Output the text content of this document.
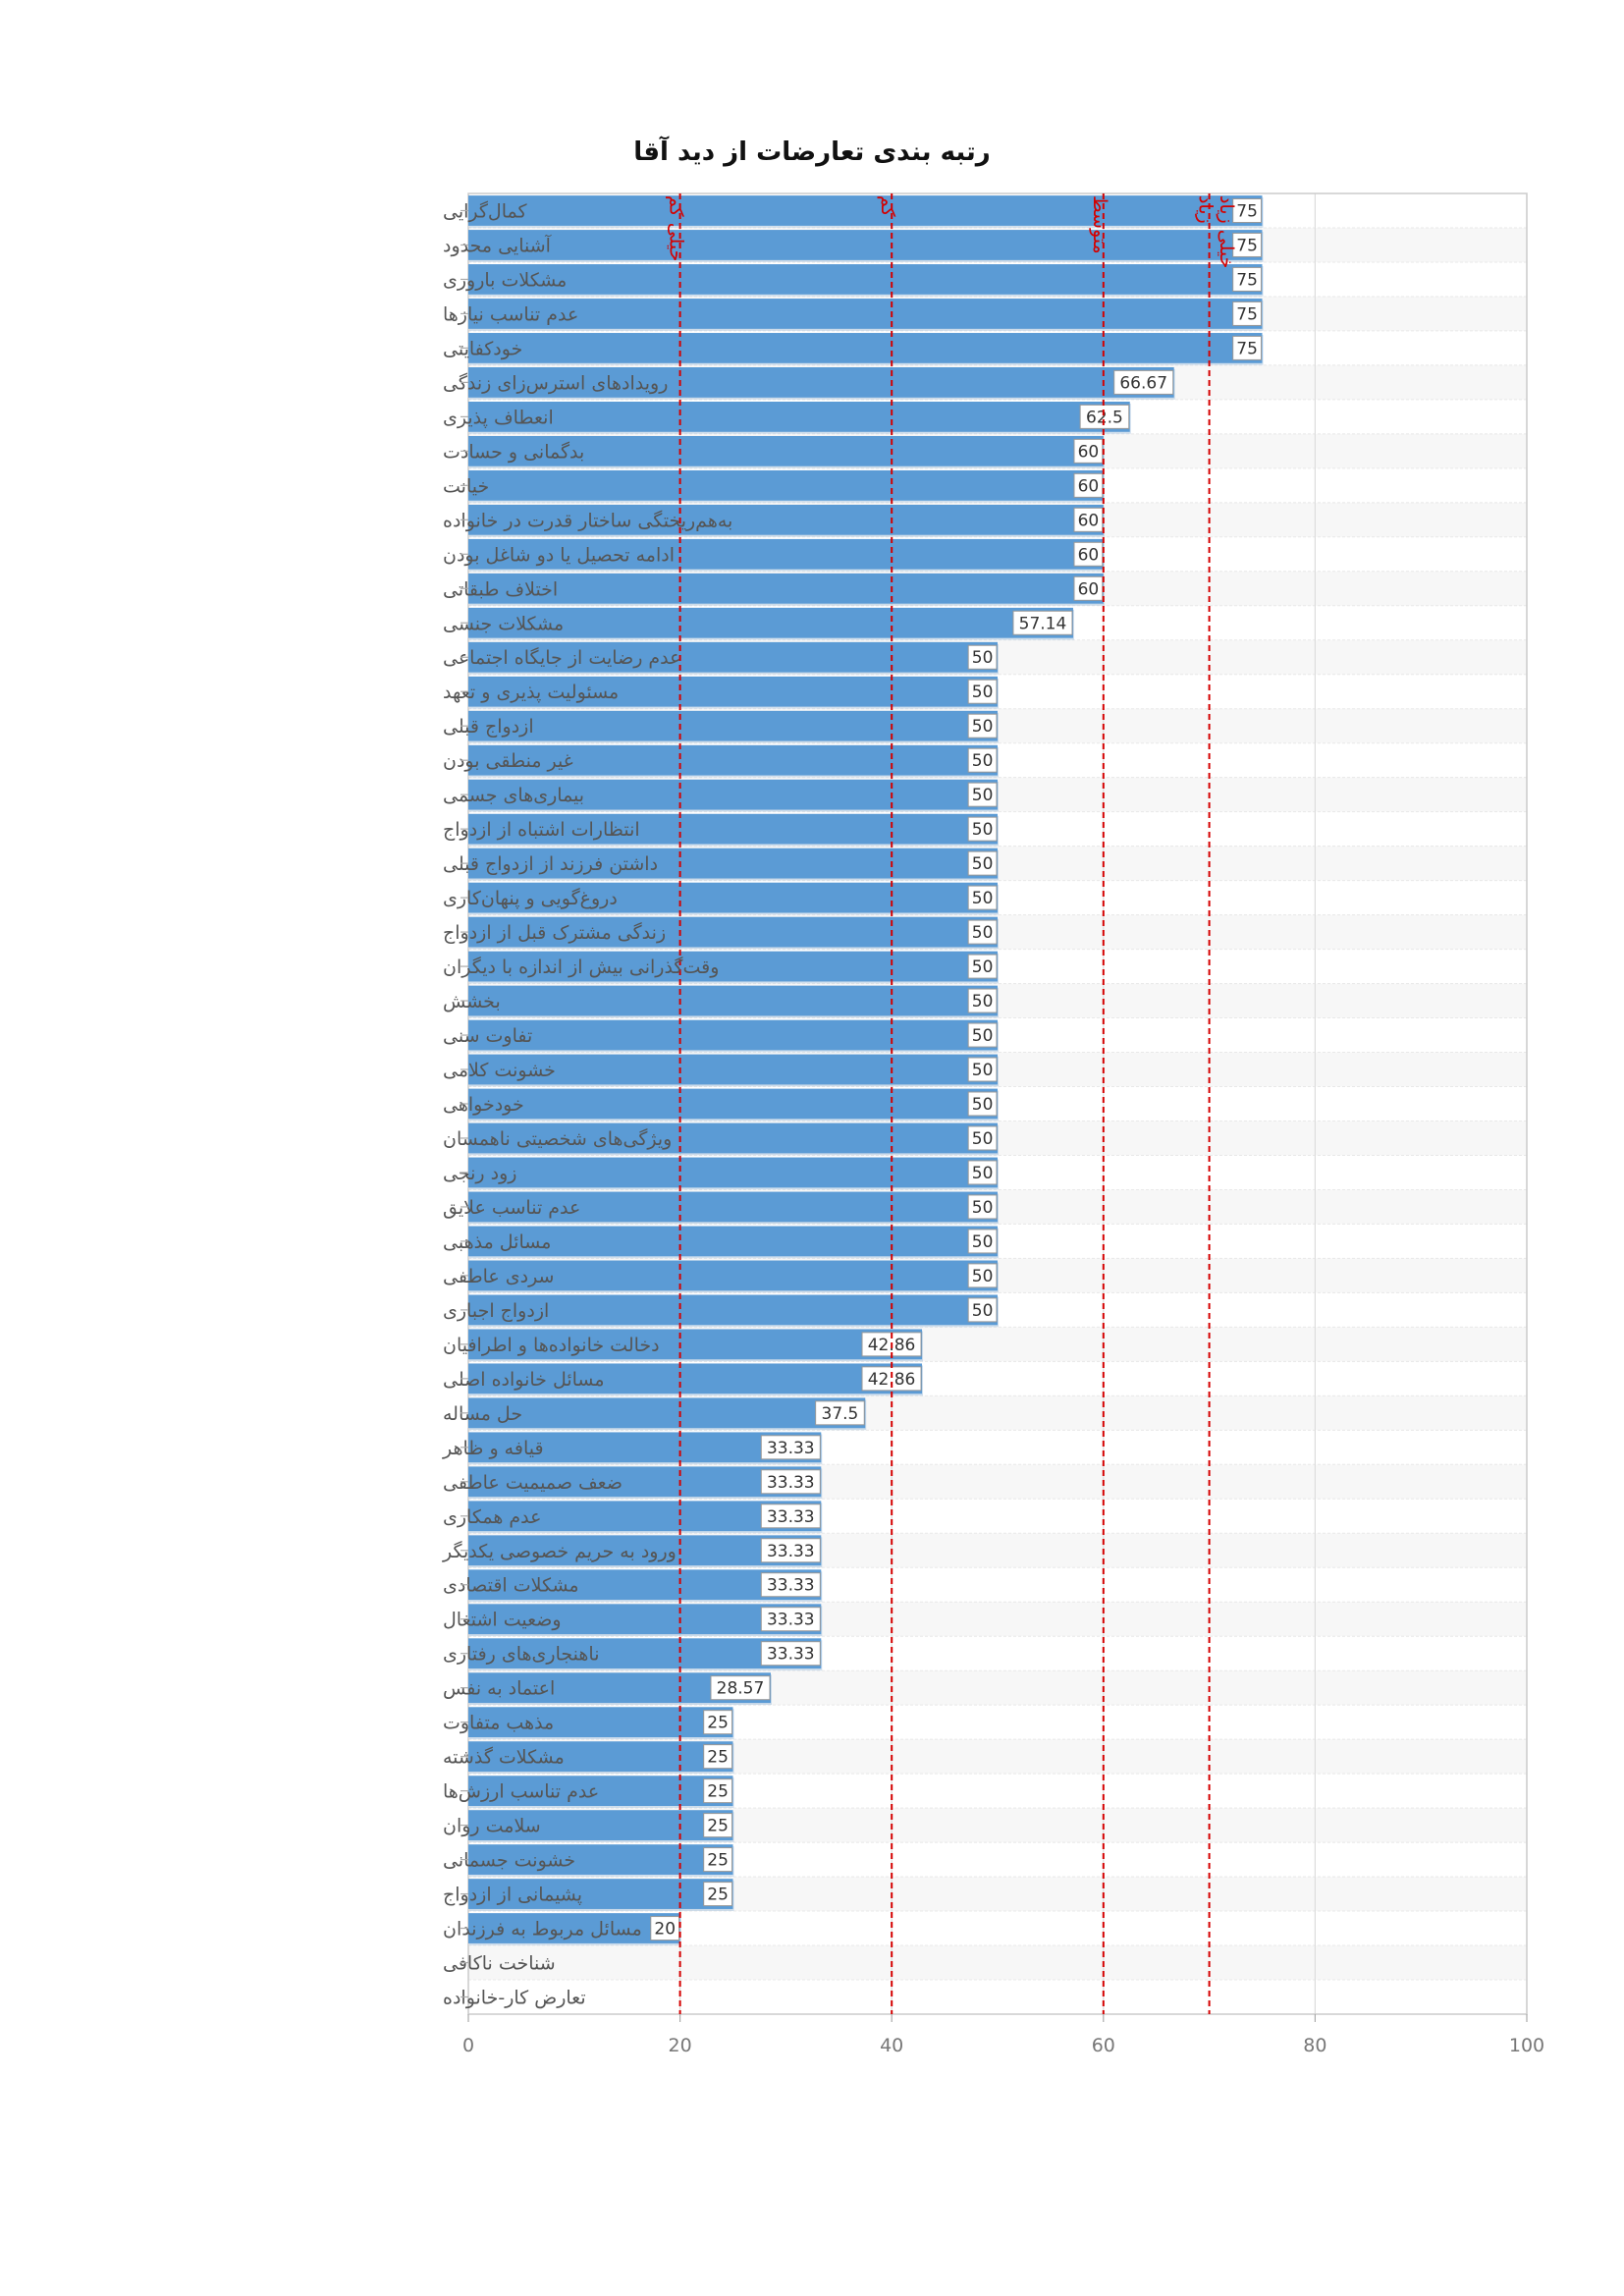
رتبه بندی تعارضات از دید آقا
75
75
75
75
75
66.67
62.5
60
60
60
60
60
57.14
50
50
50
50
50
50
50
50
50
50
50
50
50
50
50
50
50
50
50
50
42.86
42.86
37.5
33.33
33.33
33.33
33.33
33.33
33.33
33.33
28.57
25
25
25
25
25
25
20
خیلی کم	کم	متوسط	زیاد خیلی زیاد
کمال‌گرایی
آشنایی محدود
مشکلات باروری
عدم تناسب نیازها
خودکفایتی
رویدادهای استرس‌زای زندگی
انعطاف پذیری
بدگمانی و حسادت
خیانت
به‌هم‌ریختگی ساختار قدرت در خانواده
ادامه تحصیل یا دو شاغل بودن
اختلاف طبقاتی
مشکلات جنسی
عدم رضایت از جایگاه اجتماعی
مسئولیت پذیری و تعهد
ازدواج قبلی
غیر منطقی بودن
بیماری‌های جسمی
انتظارات اشتباه از ازدواج
داشتن فرزند از ازدواج قبلی
دروغ‌گویی و پنهان‌کاری
زندگی مشترک قبل از ازدواج
وقت‌گذرانی بیش از اندازه با دیگران
بخشش
تفاوت سنی
خشونت کلامی
خودخواهی
ویژگی‌های شخصیتی ناهمسان
زود رنجی
عدم تناسب علایق
مسائل مذهبی
سردی عاطفی
ازدواج اجباری
دخالت خانواده‌ها و اطرافیان
مسائل خانواده اصلی
حل مساله
قیافه و ظاهر
ضعف صمیمیت عاطفی
عدم همکاری
ورود به حریم خصوصی یکدیگر
مشکلات اقتصادی
وضعیت اشتغال
ناهنجاری‌های رفتاری
اعتماد به نفس
مذهب متفاوت
مشکلات گذشته
عدم تناسب ارزش‌ها
سلامت روان
خشونت جسمانی
پشیمانی از ازدواج
مسائل مربوط به فرزندان
شناخت ناکافی
تعارض کار-خانواده
0	20	40	60	80	100
